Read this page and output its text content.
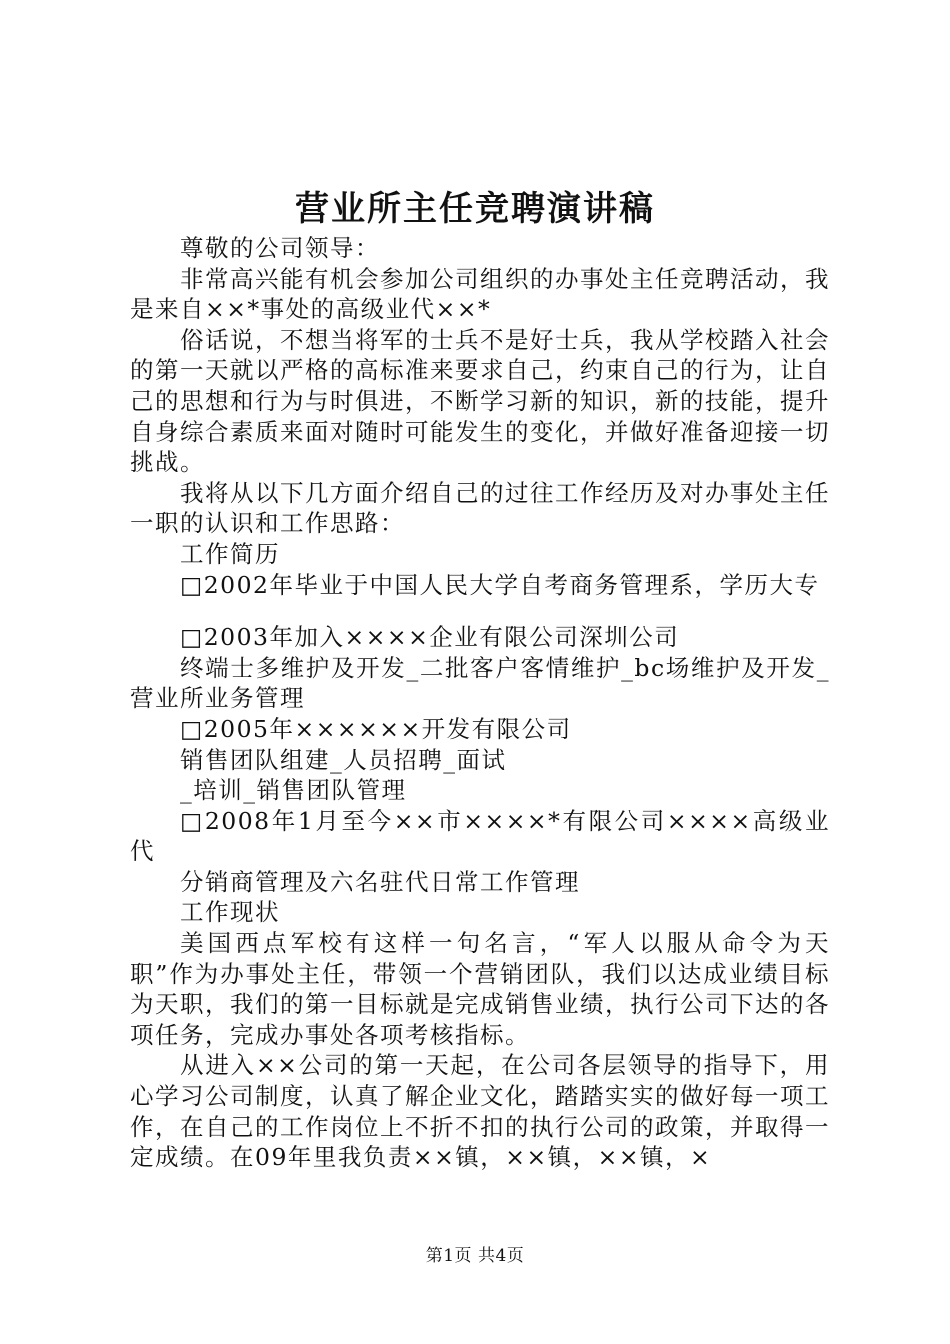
营业所主任竞聘演讲稿

尊敬的公司领导：

非常高兴能有机会参加公司组织的办事处主任竞聘活动，我是来自××*事处的高级业代××*

俗话说，不想当将军的士兵不是好士兵，我从学校踏入社会的第一天就以严格的高标准来要求自己，约束自己的行为，让自己的思想和行为与时俱进，不断学习新的知识，新的技能，提升自身综合素质来面对随时可能发生的变化，并做好准备迎接一切挑战。

我将从以下几方面介绍自己的过往工作经历及对办事处主任一职的认识和工作思路：

工作简历

□2002年毕业于中国人民大学自考商务管理系，学历大专

□2003年加入××××企业有限公司深圳公司

终端士多维护及开发_二批客户客情维护_bc场维护及开发_营业所业务管理

□2005年××××××开发有限公司

销售团队组建_人员招聘_面试

_培训_销售团队管理

□2008年1月至今××市××××*有限公司××××高级业代

分销商管理及六名驻代日常工作管理

工作现状

美国西点军校有这样一句名言，“军人以服从命令为天职”作为办事处主任，带领一个营销团队，我们以达成业绩目标为天职，我们的第一目标就是完成销售业绩，执行公司下达的各项任务，完成办事处各项考核指标。

从进入××公司的第一天起，在公司各层领导的指导下，用心学习公司制度，认真了解企业文化，踏踏实实的做好每一项工作，在自己的工作岗位上不折不扣的执行公司的政策，并取得一定成绩。在09年里我负责××镇，××镇，××镇，×

第1页 共4页
